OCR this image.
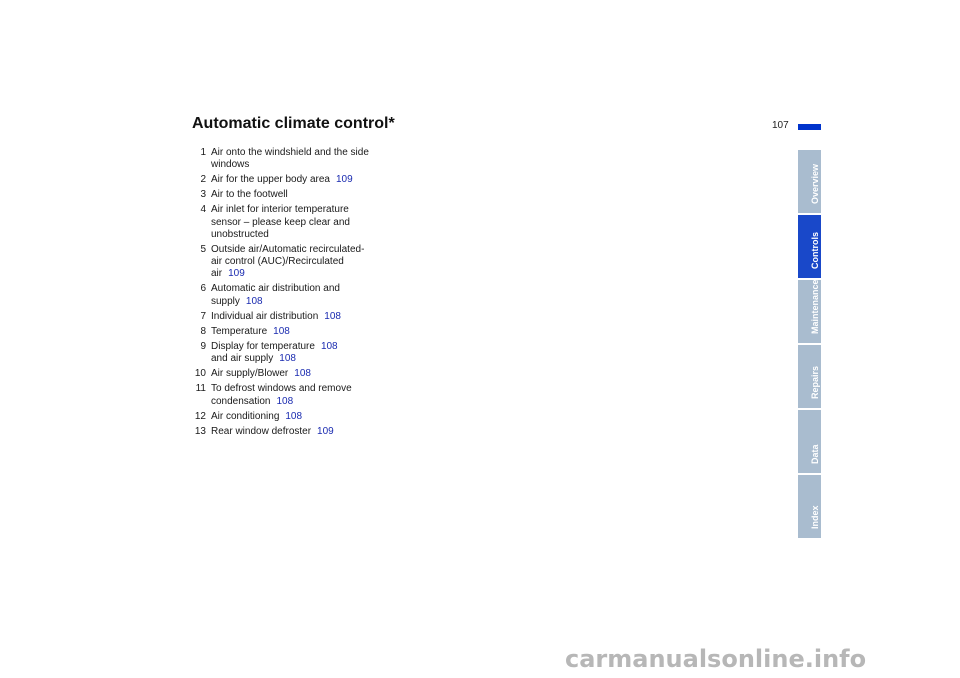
Automatic climate control*	107
1 Air onto the windshield and the side
windows
2 Air for the upper body area 109
3 Air to the footwell
4 Air inlet for interior temperature
sensor – please keep clear and
unobstructed
5 Outside air/Automatic recirculated-
air control (AUC)/Recirculated
air 109
6 Automatic air distribution and
supply 108
7 Individual air distribution 108
8 Temperature 108
9 Display for temperature 108
and air supply 108
10 Air supply/Blower 108
11 To defrost windows and remove
condensation 108
12 Air conditioning 108
13 Rear window defroster 109
Overview
Controls
Maintenance
Repairs
Data
Index
carmanualsonline.info
